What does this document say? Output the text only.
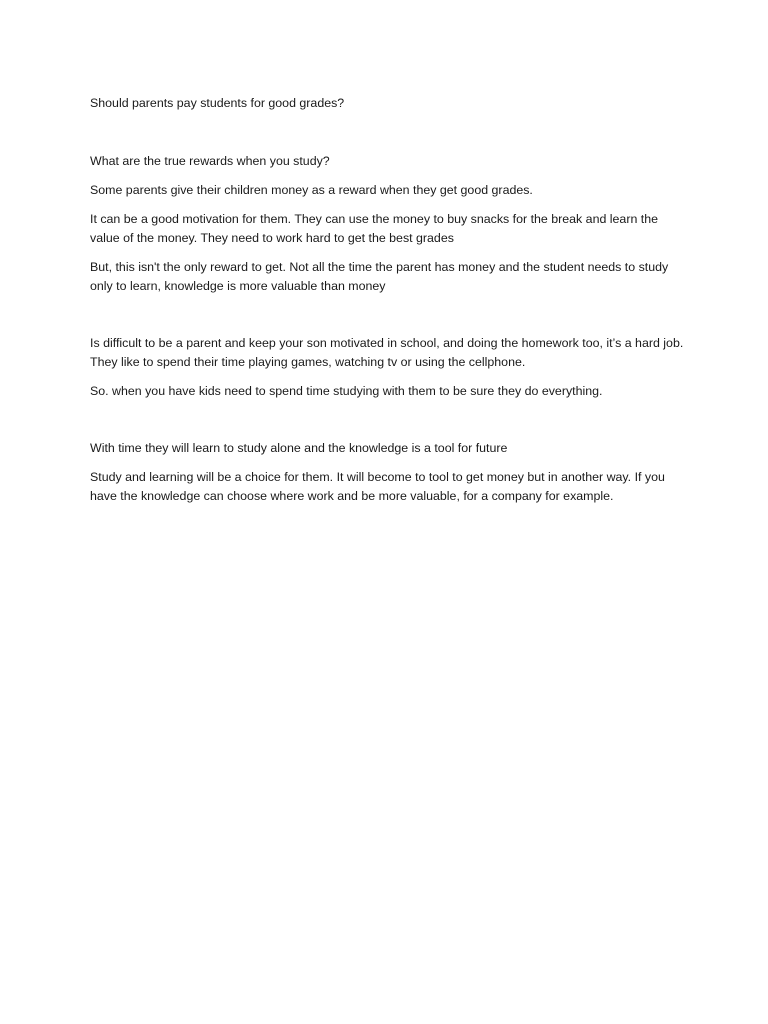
Should parents pay students for good grades?

What are the true rewards when you study?

Some parents give their children money as a reward when they get good grades.

It can be a good motivation for them. They can use the money to buy snacks for the break and learn the value of the money. They need to work hard to get the best grades

But, this isn't the only reward to get. Not all the time the parent has money and the student needs to study only to learn, knowledge is more valuable than money

Is difficult to be a parent and keep your son motivated in school, and doing the homework too, it’s a hard job. They like to spend their time playing games, watching tv or using the cellphone.

So. when you have kids need to spend time studying with them to be sure they do everything.

With time they will learn to study alone and the knowledge is a tool for future

Study and learning will be a choice for them. It will become to tool to get money but in another way. If you have the knowledge can choose where work and be more valuable, for a company for example.
